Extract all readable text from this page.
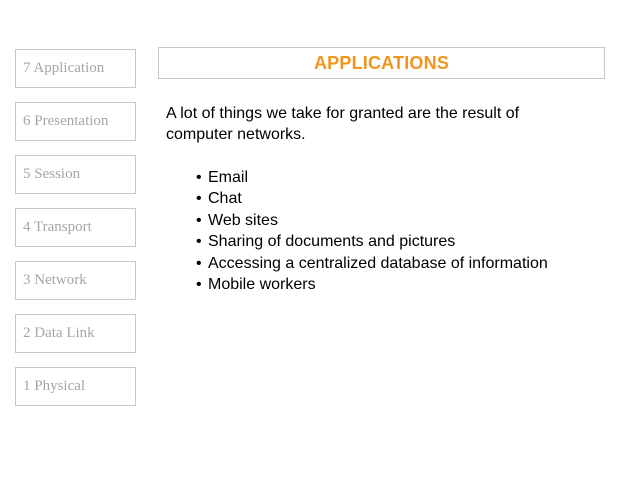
7 Application
6 Presentation
5 Session
4 Transport
3 Network
2 Data Link
1 Physical
APPLICATIONS
A lot of things we take for granted are the result of computer networks.
• Email
• Chat
• Web sites
• Sharing of documents and pictures
• Accessing a centralized database of information
• Mobile workers
